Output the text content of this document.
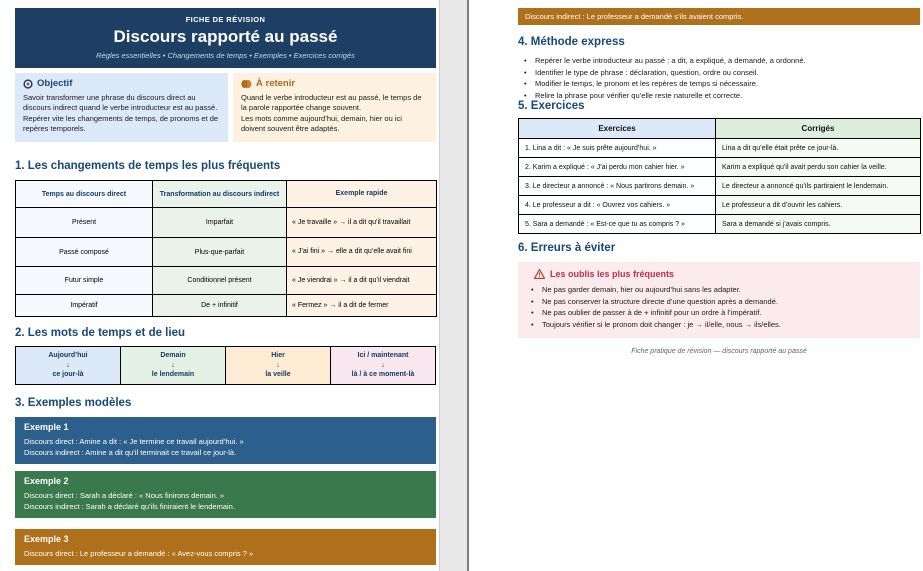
FICHE DE RÉVISION
Discours rapporté au passé
Règles essentielles • Changements de temps • Exemples • Exercices corrigés
Objectif
Savoir transformer une phrase du discours direct au discours indirect quand le verbe introducteur est au passé.
Repérer vite les changements de temps, de pronoms et de repères temporels.
À retenir
Quand le verbe introducteur est au passé, le temps de la parole rapportée change souvent.
Les mots comme aujourd’hui, demain, hier ou ici doivent souvent être adaptés.
1. Les changements de temps les plus fréquents
Temps au discours direct	Transformation au discours indirect	Exemple rapide
Présent	Imparfait	« Je travaille » → il a dit qu’il travaillait
Passé composé	Plus-que-parfait	« J’ai fini » → elle a dit qu’elle avait fini
Futur simple	Conditionnel présent	« Je viendrai » → il a dit qu’il viendrait
Impératif	De + infinitif	« Fermez » → il a dit de fermer
2. Les mots de temps et de lieu
Aujourd’hui
↓
ce jour-là

Demain
↓
le lendemain

Hier
↓
la veille

Ici / maintenant
↓
là / à ce moment-là
3. Exemples modèles
Exemple 1
Discours direct : Amine a dit : « Je termine ce travail aujourd’hui. »
Discours indirect : Amine a dit qu’il terminait ce travail ce jour-là.
Exemple 2
Discours direct : Sarah a déclaré : « Nous finirons demain. »
Discours indirect : Sarah a déclaré qu’ils finiraient le lendemain.
Exemple 3
Discours direct : Le professeur a demandé : « Avez-vous compris ? »
Discours indirect : Le professeur a demandé s’ils avaient compris.
4. Méthode express
• Repérer le verbe introducteur au passé : a dit, a expliqué, a demandé, a ordonné.
• Identifier le type de phrase : déclaration, question, ordre ou conseil.
• Modifier le temps, le pronom et les repères de temps si nécessaire.
• Relire la phrase pour vérifier qu’elle reste naturelle et correcte.
5. Exercices
Exercices	Corrigés
1. Lina a dit : « Je suis prête aujourd’hui. »	Lina a dit qu’elle était prête ce jour-là.
2. Karim a expliqué : « J’ai perdu mon cahier hier. »	Karim a expliqué qu’il avait perdu son cahier la veille.
3. Le directeur a annoncé : « Nous partirons demain. »	Le directeur a annoncé qu’ils partiraient le lendemain.
4. Le professeur a dit : « Ouvrez vos cahiers. »	Le professeur a dit d’ouvrir les cahiers.
5. Sara a demandé : « Est-ce que tu as compris ? »	Sara a demandé si j’avais compris.
6. Erreurs à éviter
Les oublis les plus fréquents
• Ne pas garder demain, hier ou aujourd’hui sans les adapter.
• Ne pas conserver la structure directe d’une question après a demandé.
• Ne pas oublier de passer à de + infinitif pour un ordre à l’impératif.
• Toujours vérifier si le pronom doit changer : je → il/elle, nous → ils/elles.
Fiche pratique de révision — discours rapporté au passé
